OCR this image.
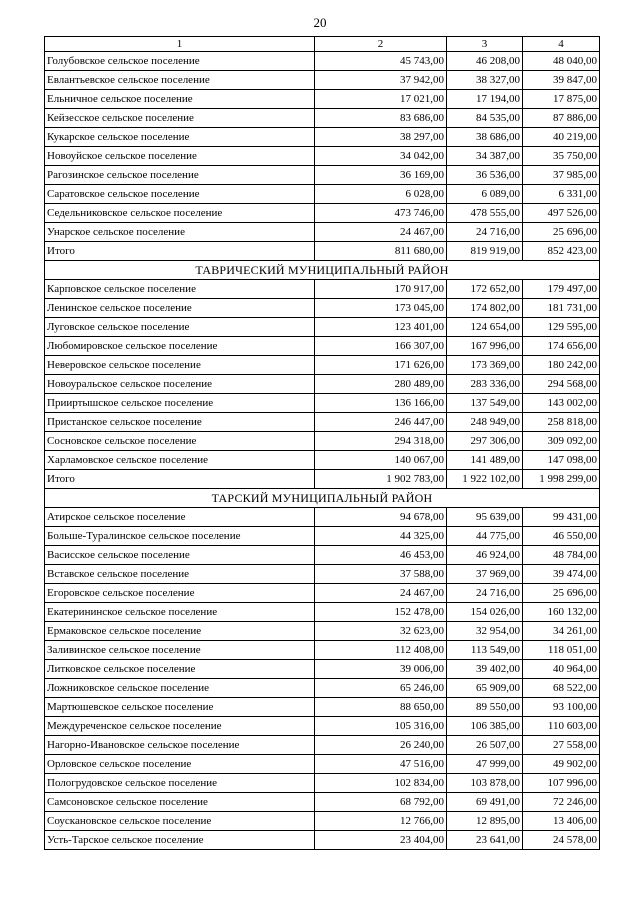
20
1	2	3	4
Голубовское сельское поселение	45 743,00	46 208,00	48 040,00
Евлантьевское сельское поселение	37 942,00	38 327,00	39 847,00
Ельничное сельское поселение	17 021,00	17 194,00	17 875,00
Кейзесское сельское поселение	83 686,00	84 535,00	87 886,00
Кукарское сельское поселение	38 297,00	38 686,00	40 219,00
Новоуйское сельское поселение	34 042,00	34 387,00	35 750,00
Рагозинское сельское поселение	36 169,00	36 536,00	37 985,00
Саратовское сельское поселение	6 028,00	6 089,00	6 331,00
Седельниковское сельское поселение	473 746,00	478 555,00	497 526,00
Унарское сельское поселение	24 467,00	24 716,00	25 696,00
Итого	811 680,00	819 919,00	852 423,00
ТАВРИЧЕСКИЙ МУНИЦИПАЛЬНЫЙ РАЙОН			
Карповское сельское поселение	170 917,00	172 652,00	179 497,00
Ленинское сельское поселение	173 045,00	174 802,00	181 731,00
Луговское сельское поселение	123 401,00	124 654,00	129 595,00
Любомировское сельское поселение	166 307,00	167 996,00	174 656,00
Неверовское сельское поселение	171 626,00	173 369,00	180 242,00
Новоуральское сельское поселение	280 489,00	283 336,00	294 568,00
Прииртышское сельское поселение	136 166,00	137 549,00	143 002,00
Пристанское сельское поселение	246 447,00	248 949,00	258 818,00
Сосновское сельское поселение	294 318,00	297 306,00	309 092,00
Харламовское сельское поселение	140 067,00	141 489,00	147 098,00
Итого	1 902 783,00	1 922 102,00	1 998 299,00
ТАРСКИЙ МУНИЦИПАЛЬНЫЙ РАЙОН			
Атирское сельское поселение	94 678,00	95 639,00	99 431,00
Больше-Туралинское сельское поселение	44 325,00	44 775,00	46 550,00
Васисское сельское поселение	46 453,00	46 924,00	48 784,00
Вставское сельское поселение	37 588,00	37 969,00	39 474,00
Егоровское сельское поселение	24 467,00	24 716,00	25 696,00
Екатерининское сельское поселение	152 478,00	154 026,00	160 132,00
Ермаковское сельское поселение	32 623,00	32 954,00	34 261,00
Заливинское сельское поселение	112 408,00	113 549,00	118 051,00
Литковское сельское поселение	39 006,00	39 402,00	40 964,00
Ложниковское сельское поселение	65 246,00	65 909,00	68 522,00
Мартюшевское сельское поселение	88 650,00	89 550,00	93 100,00
Междуреченское сельское поселение	105 316,00	106 385,00	110 603,00
Нагорно-Ивановское сельское поселение	26 240,00	26 507,00	27 558,00
Орловское сельское поселение	47 516,00	47 999,00	49 902,00
Пологрудовское сельское поселение	102 834,00	103 878,00	107 996,00
Самсоновское сельское поселение	68 792,00	69 491,00	72 246,00
Соускановское сельское поселение	12 766,00	12 895,00	13 406,00
Усть-Тарское сельское поселение	23 404,00	23 641,00	24 578,00
